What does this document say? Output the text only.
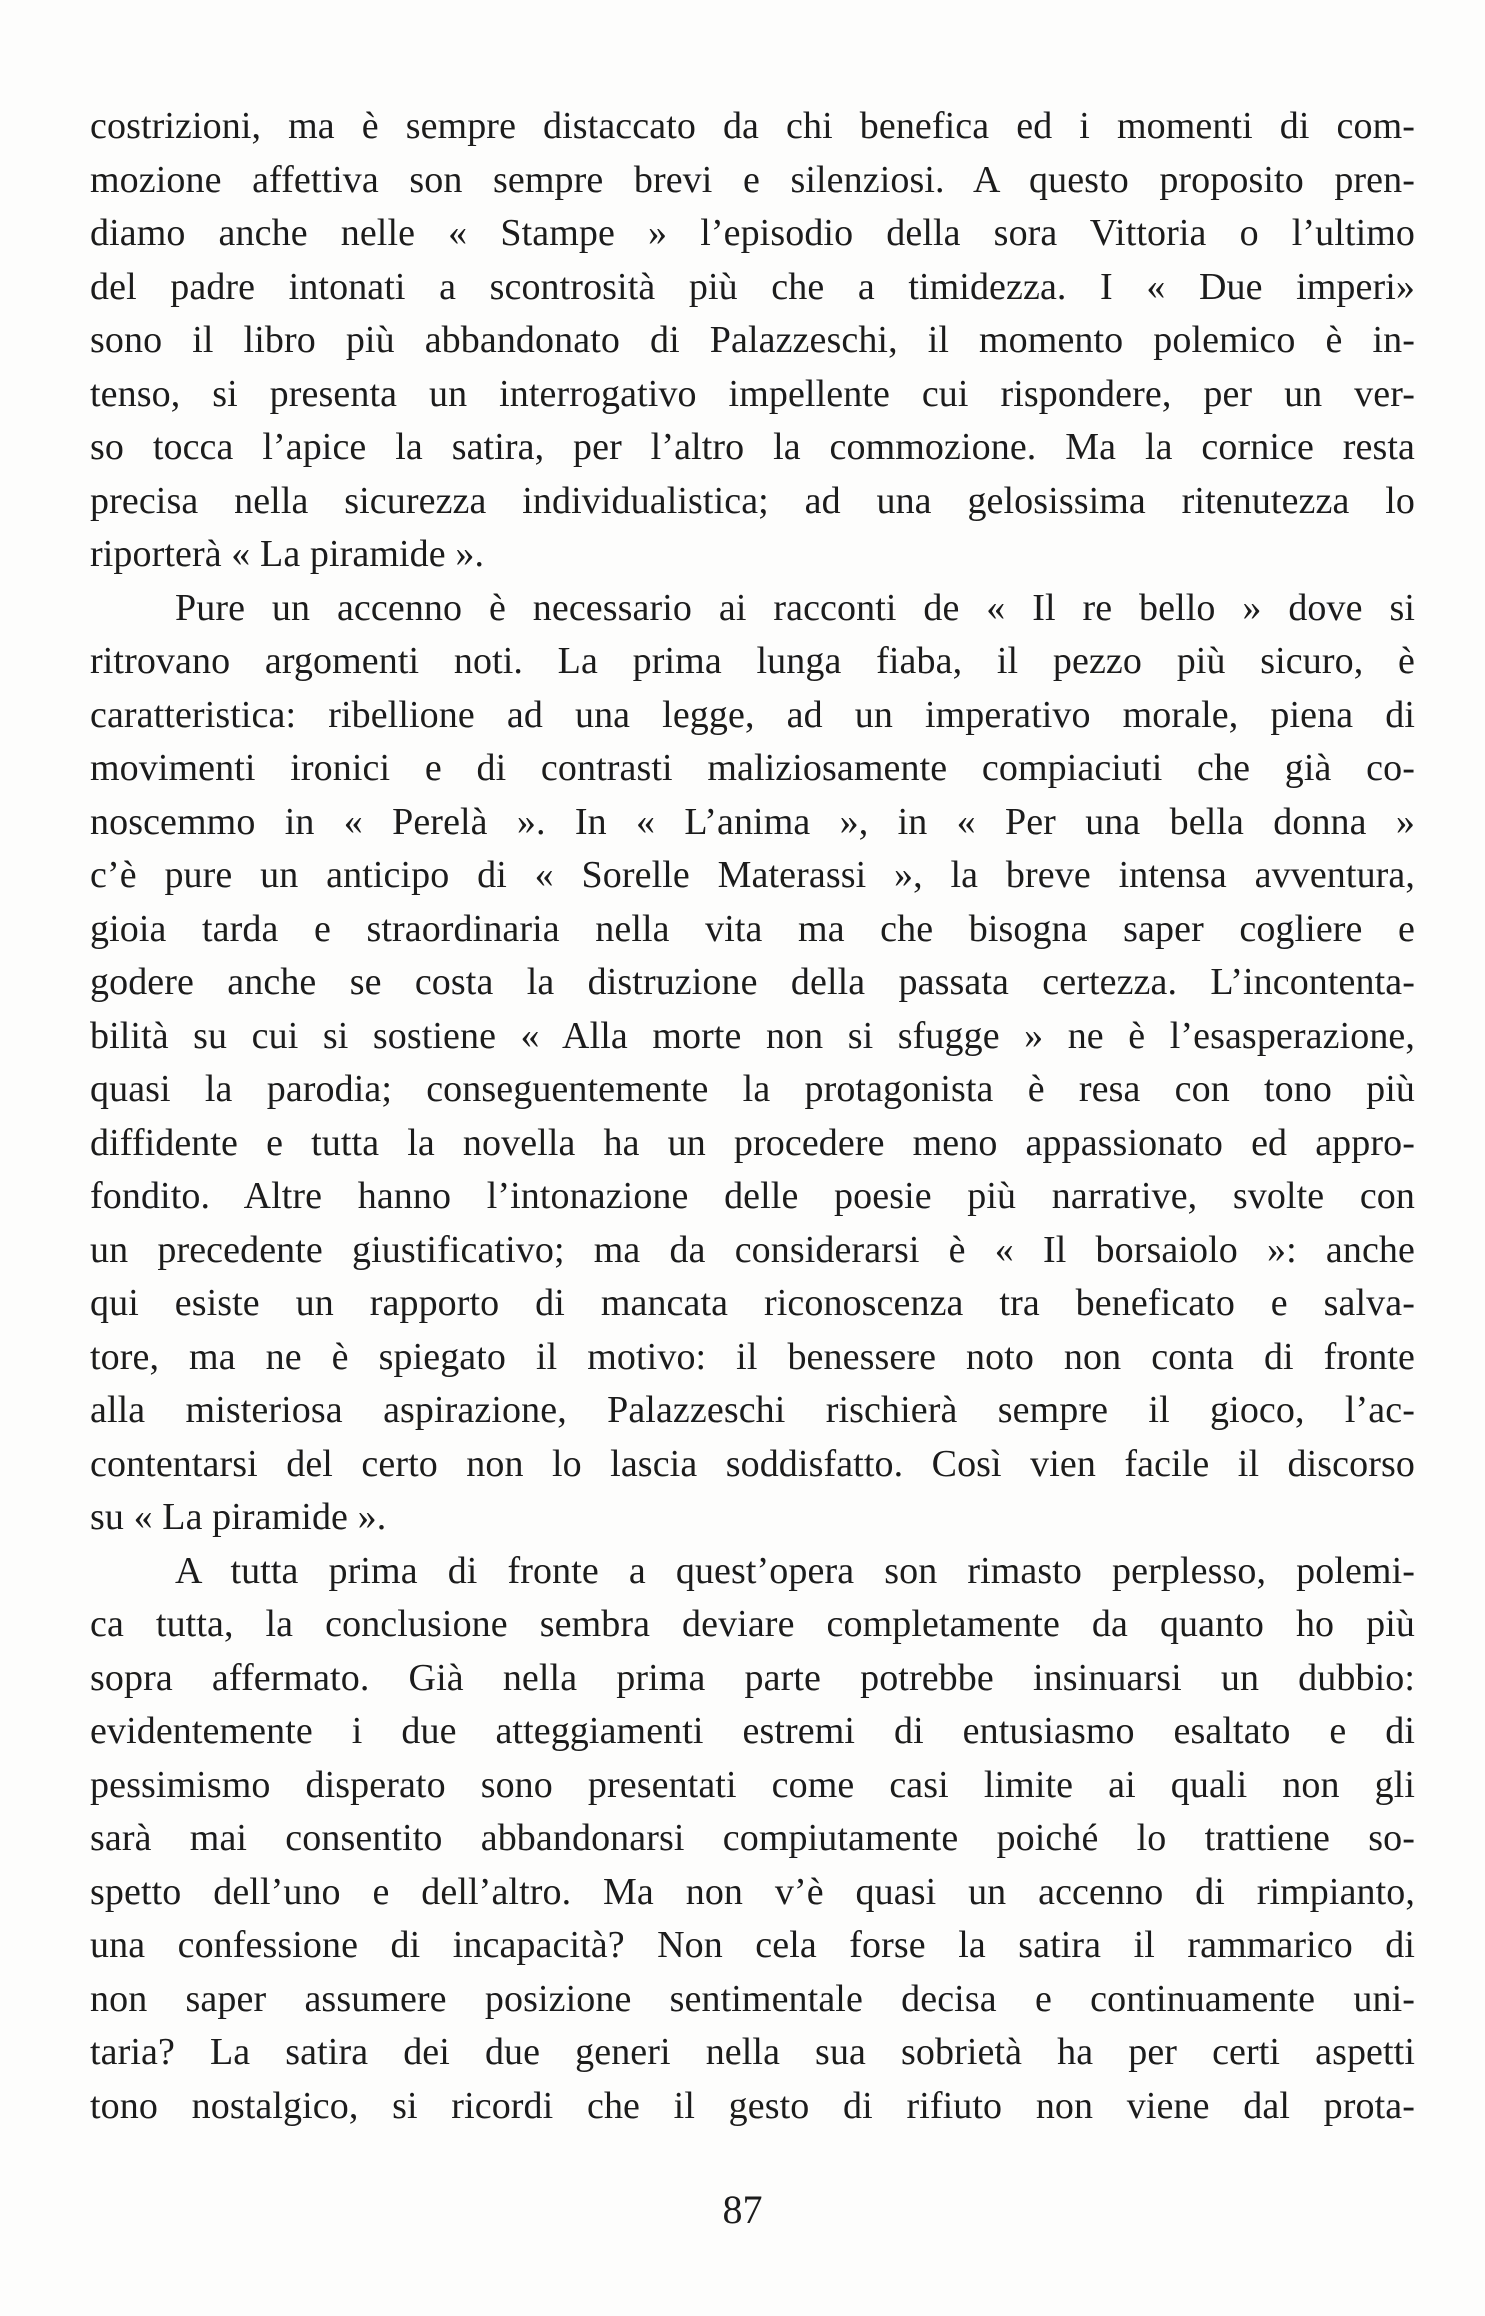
costrizioni, ma è sempre distaccato da chi benefica ed i momenti di com-
mozione affettiva son sempre brevi e silenziosi. A questo proposito pren-
diamo anche nelle « Stampe » l’episodio della sora Vittoria o l’ultimo
del padre intonati a scontrosità più che a timidezza. I « Due imperi»
sono il libro più abbandonato di Palazzeschi, il momento polemico è in-
tenso, si presenta un interrogativo impellente cui rispondere, per un ver-
so tocca l’apice la satira, per l’altro la commozione. Ma la cornice resta
precisa nella sicurezza individualistica; ad una gelosissima ritenutezza lo
riporterà « La piramide ».
Pure un accenno è necessario ai racconti de « Il re bello » dove si
ritrovano argomenti noti. La prima lunga fiaba, il pezzo più sicuro, è
caratteristica: ribellione ad una legge, ad un imperativo morale, piena di
movimenti ironici e di contrasti maliziosamente compiaciuti che già co-
noscemmo in « Perelà ». In « L’anima », in « Per una bella donna »
c’è pure un anticipo di « Sorelle Materassi », la breve intensa avventura,
gioia tarda e straordinaria nella vita ma che bisogna saper cogliere e
godere anche se costa la distruzione della passata certezza. L’incontenta-
bilità su cui si sostiene « Alla morte non si sfugge » ne è l’esasperazione,
quasi la parodia; conseguentemente la protagonista è resa con tono più
diffidente e tutta la novella ha un procedere meno appassionato ed appro-
fondito. Altre hanno l’intonazione delle poesie più narrative, svolte con
un precedente giustificativo; ma da considerarsi è « Il borsaiolo »: anche
qui esiste un rapporto di mancata riconoscenza tra beneficato e salva-
tore, ma ne è spiegato il motivo: il benessere noto non conta di fronte
alla misteriosa aspirazione, Palazzeschi rischierà sempre il gioco, l’ac-
contentarsi del certo non lo lascia soddisfatto. Così vien facile il discorso
su « La piramide ».
A tutta prima di fronte a quest’opera son rimasto perplesso, polemi-
ca tutta, la conclusione sembra deviare completamente da quanto ho più
sopra affermato. Già nella prima parte potrebbe insinuarsi un dubbio:
evidentemente i due atteggiamenti estremi di entusiasmo esaltato e di
pessimismo disperato sono presentati come casi limite ai quali non gli
sarà mai consentito abbandonarsi compiutamente poiché lo trattiene so-
spetto dell’uno e dell’altro. Ma non v’è quasi un accenno di rimpianto,
una confessione di incapacità? Non cela forse la satira il rammarico di
non saper assumere posizione sentimentale decisa e continuamente uni-
taria? La satira dei due generi nella sua sobrietà ha per certi aspetti
tono nostalgico, si ricordi che il gesto di rifiuto non viene dal prota-
87
